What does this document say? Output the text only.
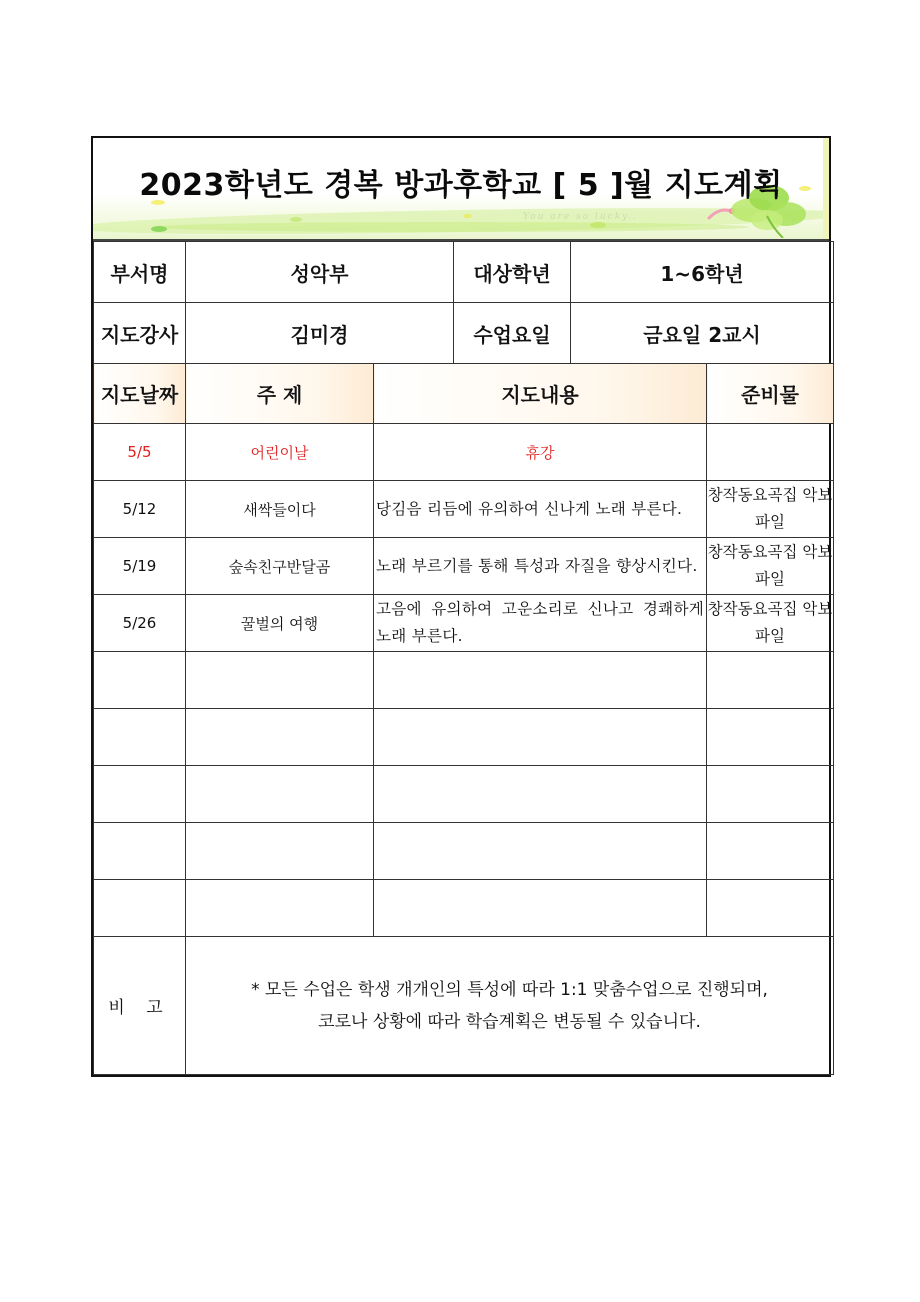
You are so lucky..
2023학년도 경복 방과후학교 [ 5 ]월 지도계획
부서명	성악부		대상학년	1~6학년	
지도강사	김미경		수업요일	금요일 2교시	
지도날짜	주 제	지도내용			준비물
5/5	어린이날	휴강			
5/12	새싹들이다	당김음 리듬에 유의하여 신나게 노래 부른다.			창작동요곡집 악보파일
5/19	숲속친구반달곰	노래 부르기를 통해 특성과 자질을 향상시킨다.			창작동요곡집 악보파일
5/26	꿀벌의 여행	고음에 유의하여 고운소리로 신나고 경쾌하게 노래 부른다.			창작동요곡집 악보파일

비 고	* 모든 수업은 학생 개개인의 특성에 따라 1:1 맞춤수업으로 진행되며,
코로나 상황에 따라 학습계획은 변동될 수 있습니다.				
